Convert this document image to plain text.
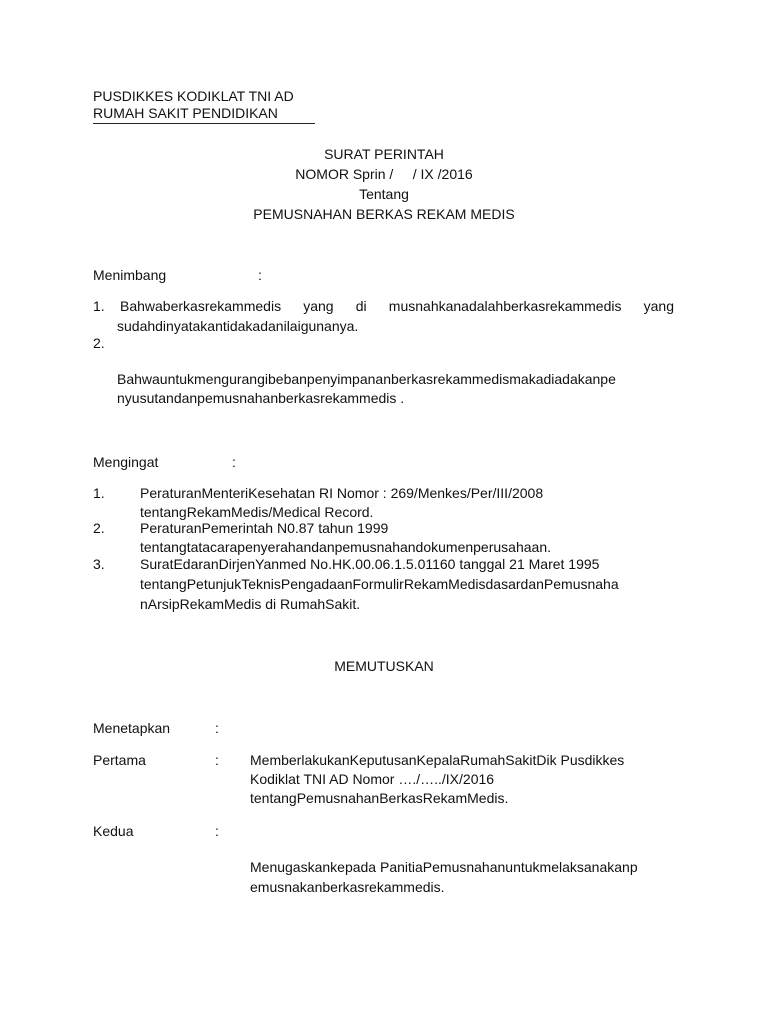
PUSDIKKES KODIKLAT TNI AD
RUMAH SAKIT PENDIDIKAN
SURAT PERINTAH
NOMOR Sprin /     / IX /2016
Tentang
PEMUSNAHAN BERKAS REKAM MEDIS
Menimbang	:
1. Bahwaberkasrekammedis yang di musnahkanadalahberkasrekammedis yang
sudahdinyatakantidakadanilaigunanya.
2.
Bahwauntukmengurangibebanpenyimpananberkasrekammedismakadiadakanpe
nyusutandanpemusnahanberkasrekammedis .
Mengingat	:
1.	PeraturanMenteriKesehatan RI Nomor : 269/Menkes/Per/III/2008
tentangRekamMedis/Medical Record.
2.	PeraturanPemerintah N0.87 tahun 1999
tentangtatacarapenyerahandanpemusnahandokumenperusahaan.
3.	SuratEdaranDirjenYanmed No.HK.00.06.1.5.01160 tanggal 21 Maret 1995
tentangPetunjukTeknisPengadaanFormulirRekamMedisdasardanPemusnaha
nArsipRekamMedis di RumahSakit.
MEMUTUSKAN
Menetapkan	:
Pertama	: MemberlakukanKeputusanKepalaRumahSakitDik Pusdikkes
Kodiklat TNI AD Nomor …./…../IX/2016
tentangPemusnahanBerkasRekamMedis.
Kedua	:
Menugaskankepada PanitiaPemusnahanuntukmelaksanakanp
emusnakanberkasrekammedis.
